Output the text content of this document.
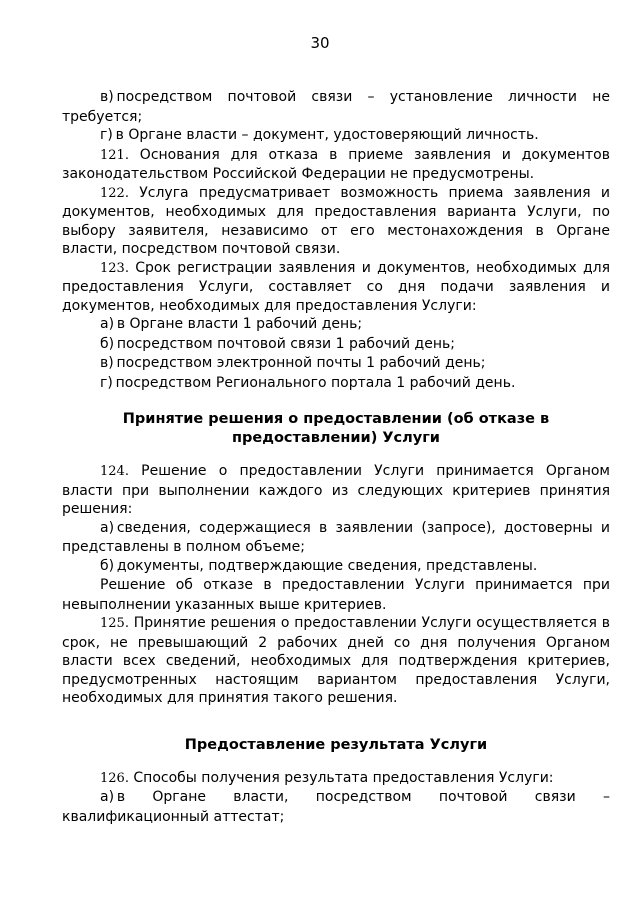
30

в) посредством почтовой связи – установление личности не требуется;

г) в Органе власти – документ, удостоверяющий личность.

121. Основания для отказа в приеме заявления и документов законодательством Российской Федерации не предусмотрены.

122. Услуга предусматривает возможность приема заявления и документов, необходимых для предоставления варианта Услуги, по выбору заявителя, независимо от его местонахождения в Органе власти, посредством почтовой связи.

123. Срок регистрации заявления и документов, необходимых для предоставления Услуги, составляет со дня подачи заявления и документов, необходимых для предоставления Услуги:

а) в Органе власти 1 рабочий день;

б) посредством почтовой связи 1 рабочий день;

в) посредством электронной почты 1 рабочий день;

г) посредством Регионального портала 1 рабочий день.

Принятие решения о предоставлении (об отказе в предоставлении) Услуги

124. Решение о предоставлении Услуги принимается Органом власти при выполнении каждого из следующих критериев принятия решения:

а) сведения, содержащиеся в заявлении (запросе), достоверны и представлены в полном объеме;

б) документы, подтверждающие сведения, представлены.

Решение об отказе в предоставлении Услуги принимается при невыполнении указанных выше критериев.

125. Принятие решения о предоставлении Услуги осуществляется в срок, не превышающий 2 рабочих дней со дня получения Органом власти всех сведений, необходимых для подтверждения критериев, предусмотренных настоящим вариантом предоставления Услуги, необходимых для принятия такого решения.

Предоставление результата Услуги

126. Способы получения результата предоставления Услуги:

а) в Органе власти, посредством почтовой связи – квалификационный аттестат;
